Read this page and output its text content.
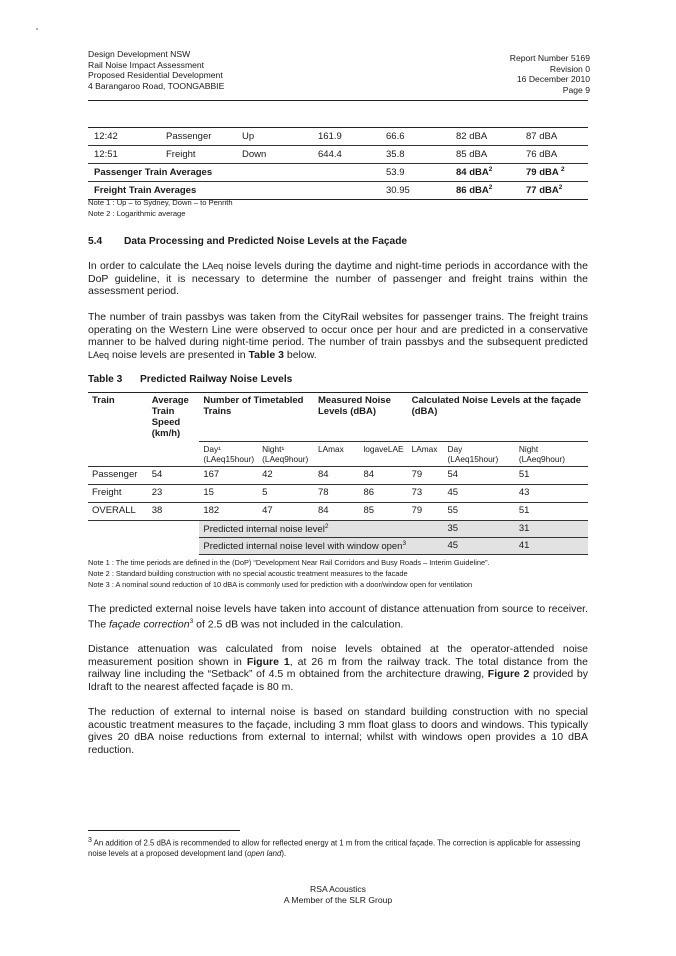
Design Development NSW
Rail Noise Impact Assessment
Proposed Residential Development
4 Barangaroo Road, TOONGABBIE
Report Number 5169
Revision 0
16 December 2010
Page 9
12:42	Passenger	Up	161.9	66.6	82 dBA	87 dBA
12:51	Freight	Down	644.4	35.8	85 dBA	76 dBA
Passenger Train Averages				53.9	84 dBA$^2$	79 dBA $^2$
Freight Train Averages				30.95	86 dBA$^2$	77 dBA$^2$
Note 1 : Up – to Sydney, Down – to Penrith
Note 2 : Logarithmic average
5.4 Data Processing and Predicted Noise Levels at the Façade
In order to calculate the LAeq noise levels during the daytime and night-time periods in accordance with the DoP guideline, it is necessary to determine the number of passenger and freight trains within the assessment period.
The number of train passbys was taken from the CityRail websites for passenger trains. The freight trains operating on the Western Line were observed to occur once per hour and are predicted in a conservative manner to be halved during night-time period. The number of train passbys and the subsequent predicted LAeq noise levels are presented in Table 3 below.
Table 3 Predicted Railway Noise Levels
Train	Average Train Speed (km/h)	Number of Timetabled Trains		Measured Noise Levels (dBA)		Calculated Noise Levels at the façade (dBA)		
		Day¹ (LAeq15hour)	Night¹ (LAeq9hour)	LAmax	logaveLAE	LAmax	Day (LAeq15hour)	Night (LAeq9hour)
Passenger	54	167	42	84	84	79	54	51
Freight	23	15	5	78	86	73	45	43
OVERALL	38	182	47	84	85	79	55	51
		Predicted internal noise level$^2$					35	31
		Predicted internal noise level with window open$^3$					45	41
Note 1 : The time periods are defined in the (DoP) “Development Near Rail Corridors and Busy Roads – Interim Guideline”.
Note 2 : Standard building construction with no special acoustic treatment measures to the facade
Note 3 : A nominal sound reduction of 10 dBA is commonly used for prediction with a door/window open for ventilation
The predicted external noise levels have taken into account of distance attenuation from source to receiver. The façade correction$^3$ of 2.5 dB was not included in the calculation.
Distance attenuation was calculated from noise levels obtained at the operator-attended noise measurement position shown in Figure 1, at 26 m from the railway track. The total distance from the railway line including the “Setback” of 4.5 m obtained from the architecture drawing, Figure 2 provided by Idraft to the nearest affected façade is 80 m.
The reduction of external to internal noise is based on standard building construction with no special acoustic treatment measures to the façade, including 3 mm float glass to doors and windows. This typically gives 20 dBA noise reductions from external to internal; whilst with windows open provides a 10 dBA reduction.
$^3$ An addition of 2.5 dBA is recommended to allow for reflected energy at 1 m from the critical façade. The correction is applicable for assessing noise levels at a proposed development land (open land).
RSA Acoustics
A Member of the SLR Group
